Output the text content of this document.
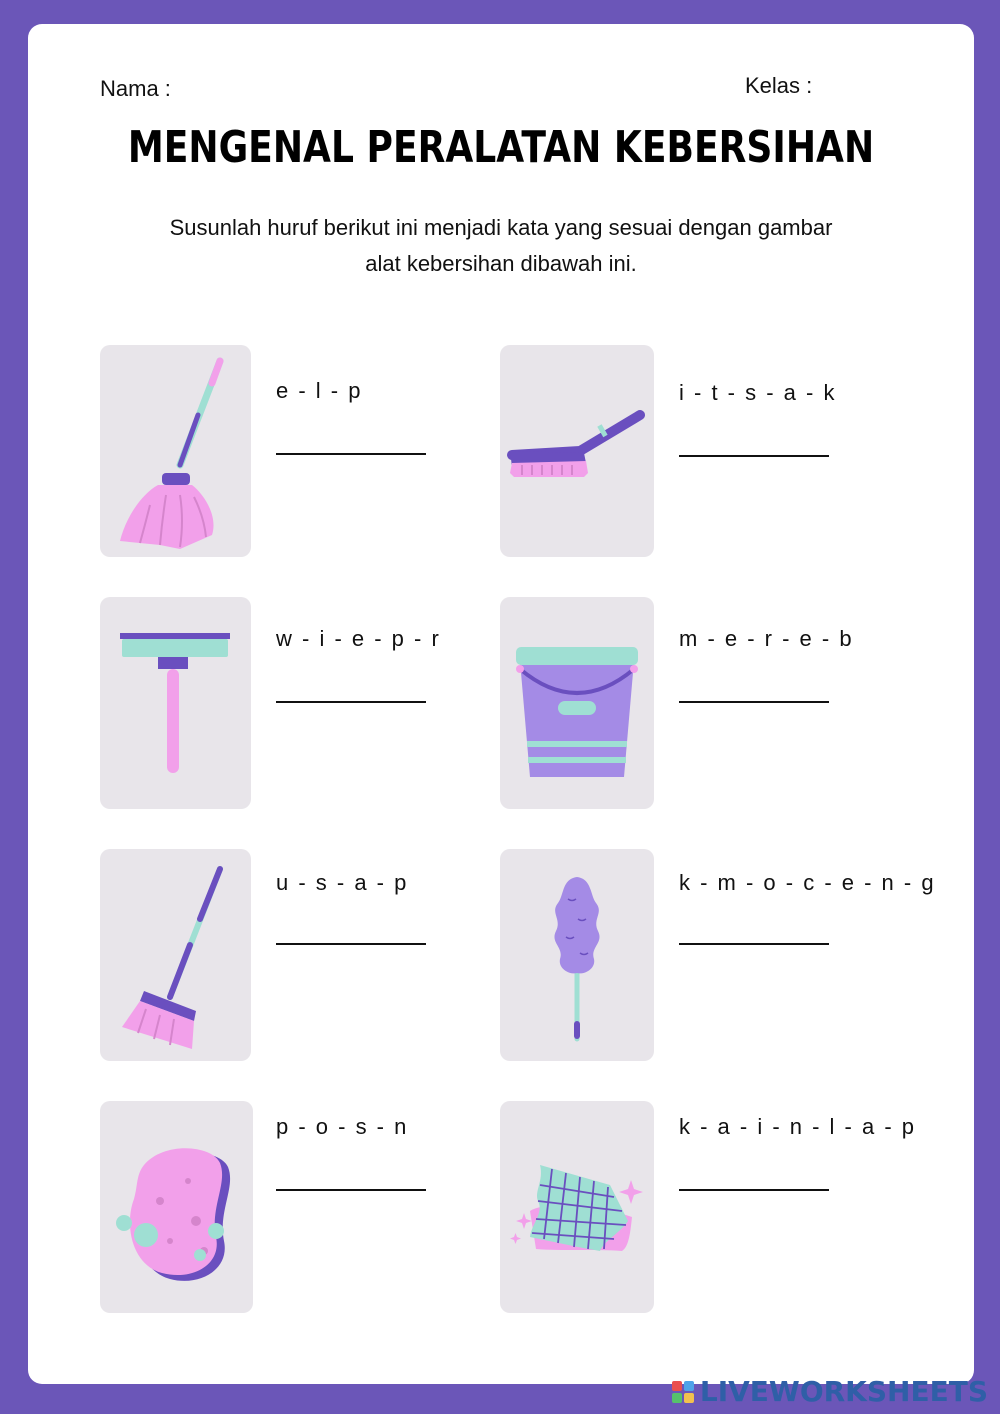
Nama :	Kelas :
MENGENAL PERALATAN KEBERSIHAN
Susunlah huruf berikut ini menjadi kata yang sesuai dengan gambar
alat kebersihan dibawah ini.
e - l - p	i - t - s - a - k
w - i - e - p - r	m - e - r - e - b
u - s - a - p	k - m - o - c - e - n - g
p - o - s - n	k - a - i - n - l - a - p
LIVEWORKSHEETS
